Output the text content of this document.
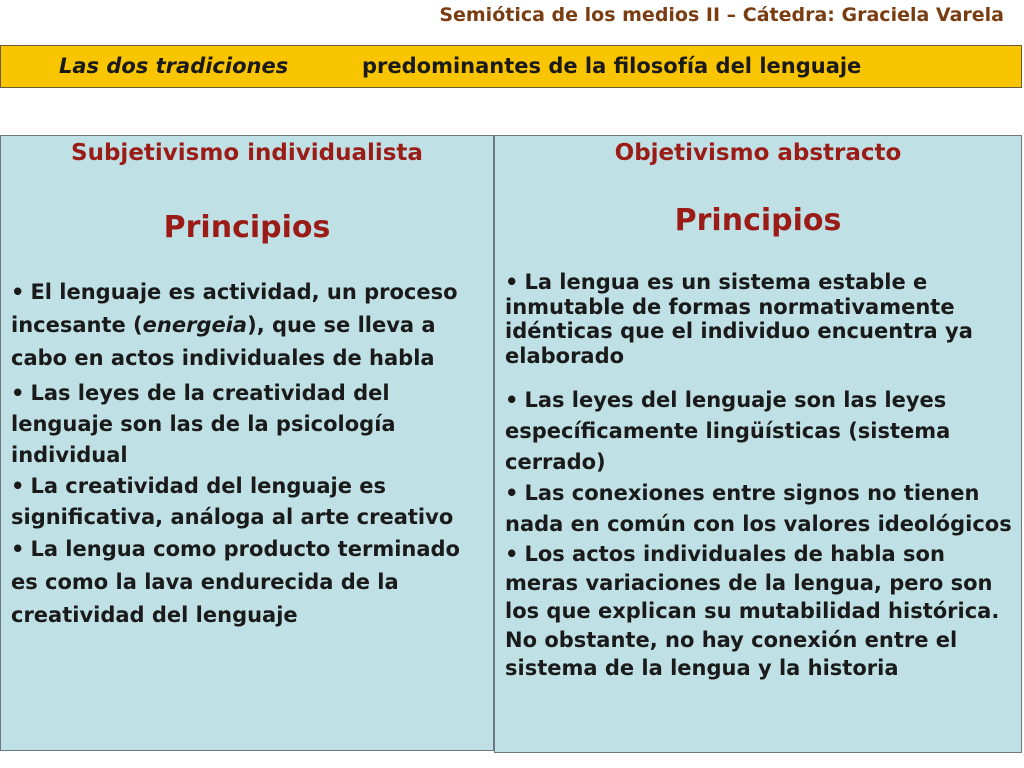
Semiótica de los medios II – Cátedra: Graciela Varela
Las dos tradiciones	predominantes de la filosofía del lenguaje
Subjetivismo individualista
Principios
• El lenguaje es actividad, un proceso incesante (energeia), que se lleva a cabo en actos individuales de habla
• Las leyes de la creatividad del lenguaje son las de la psicología individual
• La creatividad del lenguaje es significativa, análoga al arte creativo
• La lengua como producto terminado es como la lava endurecida de la creatividad del lenguaje
Objetivismo abstracto
Principios
• La lengua es un sistema estable e inmutable de formas normativamente idénticas que el individuo encuentra ya elaborado
• Las leyes del lenguaje son las leyes específicamente lingüísticas (sistema cerrado)
• Las conexiones entre signos no tienen nada en común con los valores ideológicos
• Los actos individuales de habla son meras variaciones de la lengua, pero son los que explican su mutabilidad histórica. No obstante, no hay conexión entre el sistema de la lengua y la historia
